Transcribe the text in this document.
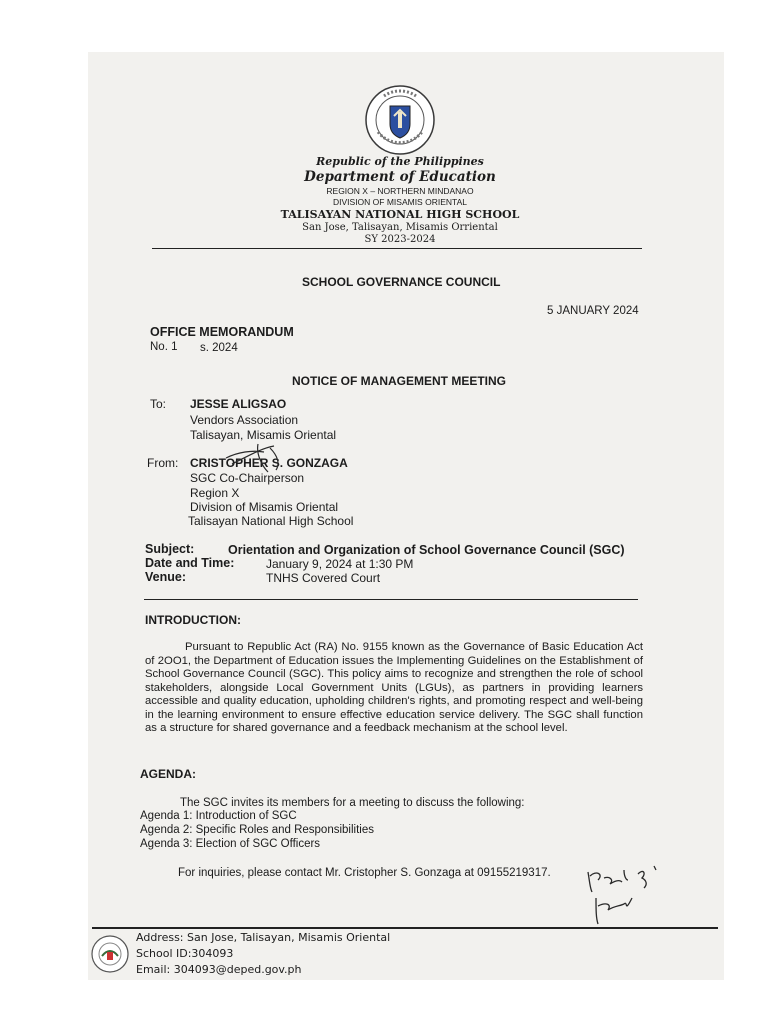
Republic of the Philippines
Department of Education
REGION X – NORTHERN MINDANAO
DIVISION OF MISAMIS ORIENTAL
TALISAYAN NATIONAL HIGH SCHOOL
San Jose, Talisayan, Misamis Orriental
SY 2023-2024
SCHOOL GOVERNANCE COUNCIL
5 JANUARY 2024
OFFICE MEMORANDUM
No. 1 s. 2024
NOTICE OF MANAGEMENT MEETING
To: JESSE ALIGSAO
Vendors Association
Talisayan, Misamis Oriental
From: CRISTOPHER S. GONZAGA
SGC Co-Chairperson
Region X
Division of Misamis Oriental
Talisayan National High School
Subject:	Orientation and Organization of School Governance Council (SGC)
Date and Time:	January 9, 2024 at 1:30 PM
Venue:	TNHS Covered Court
INTRODUCTION:
Pursuant to Republic Act (RA) No. 9155 known as the Governance of Basic Education Act of 2OO1, the Department of Education issues the Implementing Guidelines on the Establishment of School Governance Council (SGC). This policy aims to recognize and strengthen the role of school stakeholders, alongside Local Government Units (LGUs), as partners in providing learners accessible and quality education, upholding children's rights, and promoting respect and well-being in the learning environment to ensure effective education service delivery. The SGC shall function as a structure for shared governance and a feedback mechanism at the school level.
AGENDA:
The SGC invites its members for a meeting to discuss the following:
Agenda 1: Introduction of SGC
Agenda 2: Specific Roles and Responsibilities
Agenda 3: Election of SGC Officers
For inquiries, please contact Mr. Cristopher S. Gonzaga at 09155219317.
Address: San Jose, Talisayan, Misamis Oriental
School ID:304093
Email: 304093@deped.gov.ph
